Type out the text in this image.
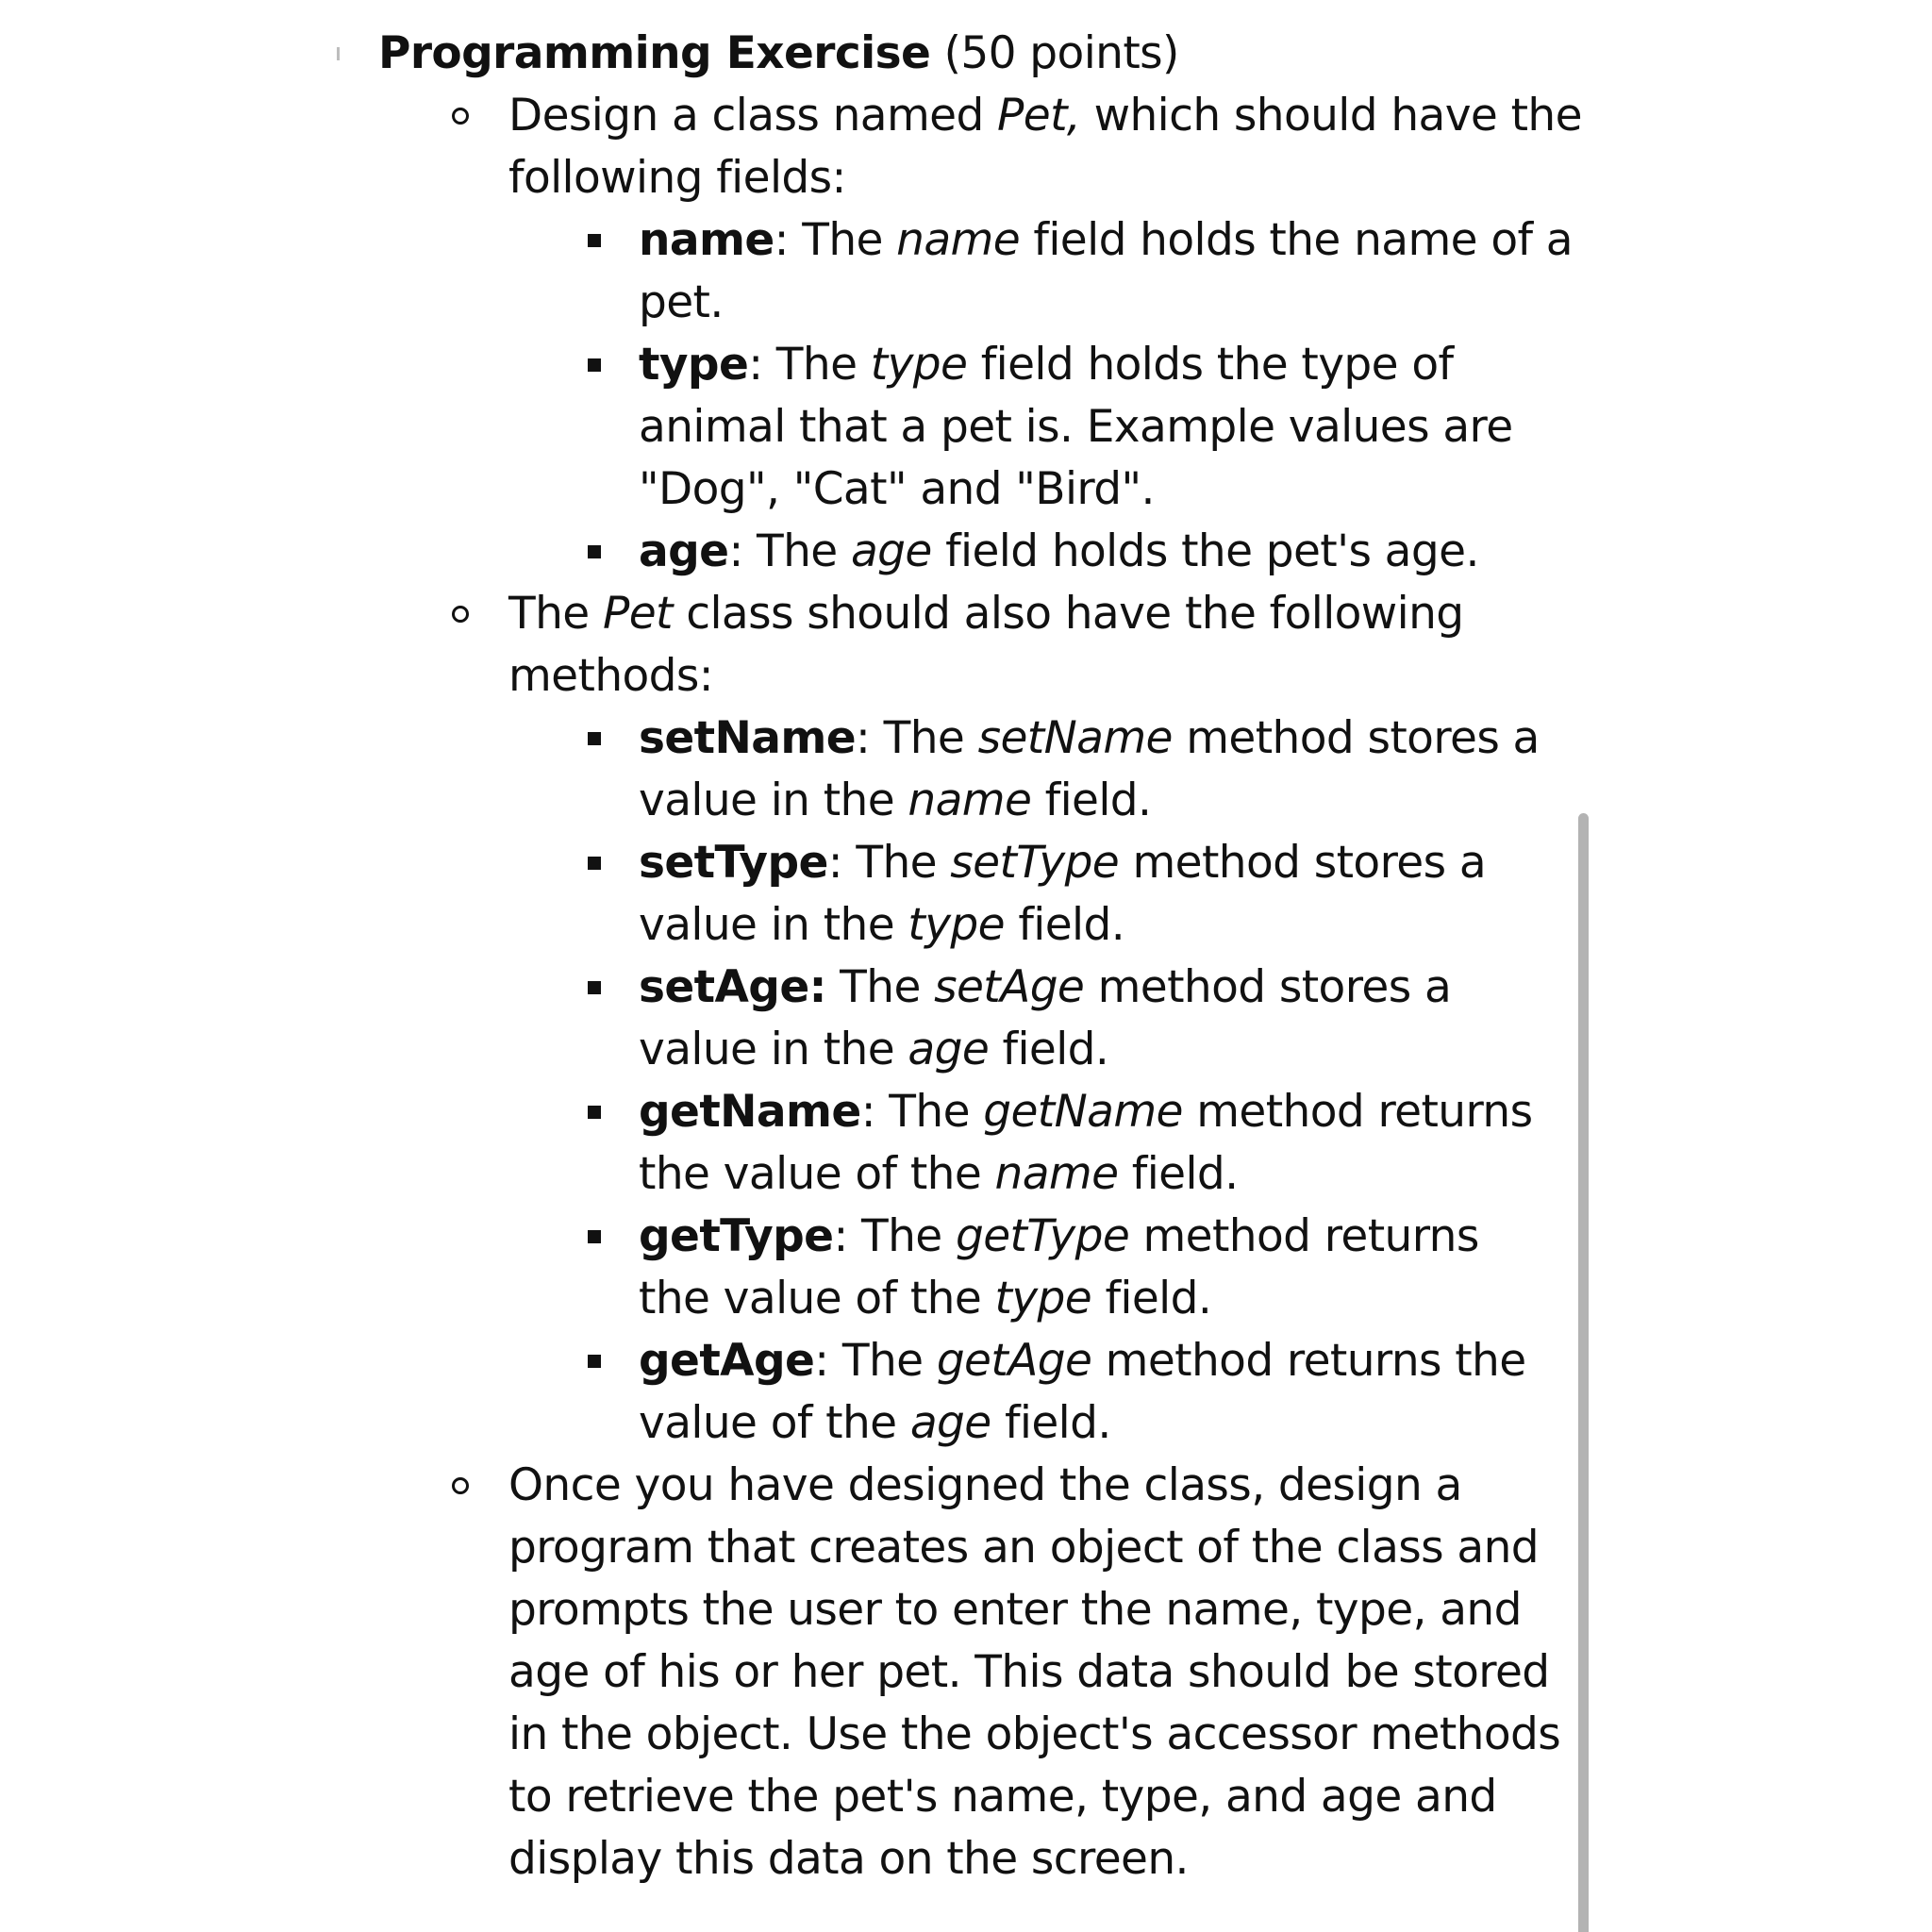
Programming Exercise (50 points)
Design a class named Pet, which should have the
following fields:
name: The name field holds the name of a
pet.
type: The type field holds the type of
animal that a pet is. Example values are
"Dog", "Cat" and "Bird".
age: The age field holds the pet's age.
The Pet class should also have the following
methods:
setName: The setName method stores a
value in the name field.
setType: The setType method stores a
value in the type field.
setAge: The setAge method stores a
value in the age field.
getName: The getName method returns
the value of the name field.
getType: The getType method returns
the value of the type field.
getAge: The getAge method returns the
value of the age field.
Once you have designed the class, design a
program that creates an object of the class and
prompts the user to enter the name, type, and
age of his or her pet. This data should be stored
in the object. Use the object's accessor methods
to retrieve the pet's name, type, and age and
display this data on the screen.
